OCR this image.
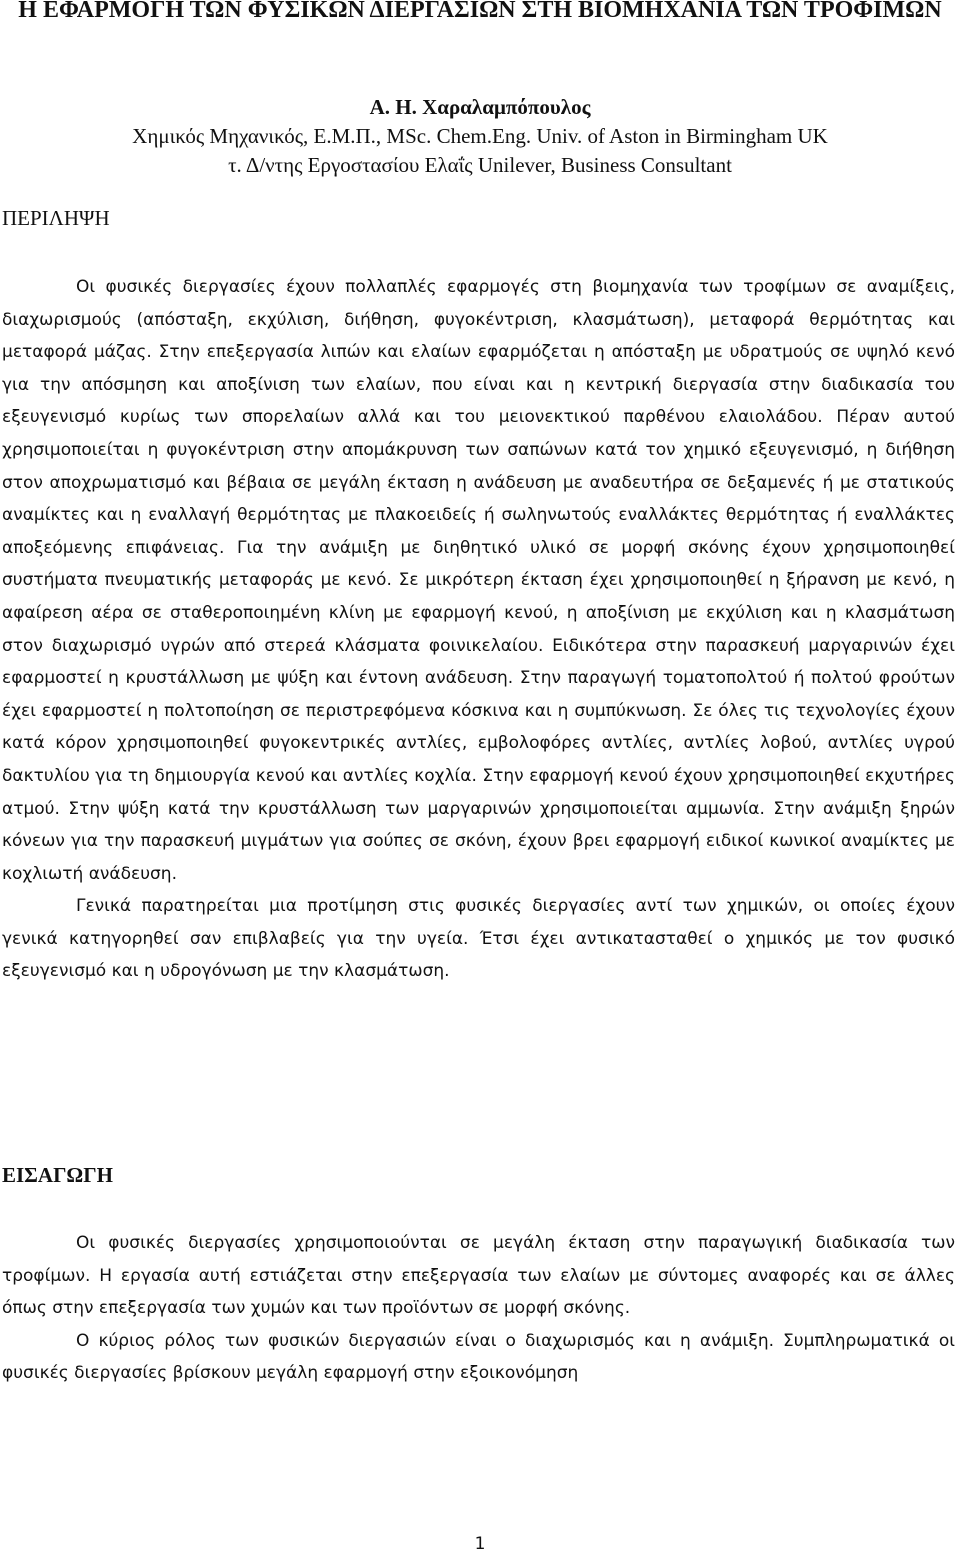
Η ΕΦΑΡΜΟΓΗ ΤΩΝ ΦΥΣΙΚΩΝ ΔΙΕΡΓΑΣΙΩΝ ΣΤΗ ΒΙΟΜΗΧΑΝΙΑ ΤΩΝ ΤΡΟΦΙΜΩΝ
Α. Η. Χαραλαμπόπουλος
Χημικός Μηχανικός, Ε.Μ.Π., MSc. Chem.Eng. Univ. of Aston in Birmingham UK
τ. Δ/ντης Εργοστασίου Ελαΐς Unilever, Business Consultant
ΠΕΡΙΛΗΨΗ

Οι φυσικές διεργασίες έχουν πολλαπλές εφαρμογές στη βιομηχανία των τροφίμων σε αναμίξεις, διαχωρισμούς (απόσταξη, εκχύλιση, διήθηση, φυγοκέντριση, κλασμάτωση), μεταφορά θερμότητας και μεταφορά μάζας. Στην επεξεργασία λιπών και ελαίων εφαρμόζεται η απόσταξη με υδρατμούς σε υψηλό κενό για την απόσμηση και αποξίνιση των ελαίων, που είναι και η κεντρική διεργασία στην διαδικασία του εξευγενισμό κυρίως των σπορελαίων αλλά και του μειονεκτικού παρθένου ελαιολάδου. Πέραν αυτού χρησιμοποιείται η φυγοκέντριση στην απομάκρυνση των σαπώνων κατά τον χημικό εξευγενισμό, η διήθηση στον αποχρωματισμό και βέβαια σε μεγάλη έκταση η ανάδευση με αναδευτήρα σε δεξαμενές ή με στατικούς αναμίκτες και η εναλλαγή θερμότητας με πλακοειδείς ή σωληνωτούς εναλλάκτες θερμότητας ή εναλλάκτες αποξεόμενης επιφάνειας. Για την ανάμιξη με διηθητικό υλικό σε μορφή σκόνης έχουν χρησιμοποιηθεί συστήματα πνευματικής μεταφοράς με κενό. Σε μικρότερη έκταση έχει χρησιμοποιηθεί η ξήρανση με κενό, η αφαίρεση αέρα σε σταθεροποιημένη κλίνη με εφαρμογή κενού, η αποξίνιση με εκχύλιση και η κλασμάτωση στον διαχωρισμό υγρών από στερεά κλάσματα φοινικελαίου. Ειδικότερα στην παρασκευή μαργαρινών έχει εφαρμοστεί η κρυστάλλωση με ψύξη και έντονη ανάδευση. Στην παραγωγή τοματοπολτού ή πολτού φρούτων έχει εφαρμοστεί η πολτοποίηση σε περιστρεφόμενα κόσκινα και η συμπύκνωση. Σε όλες τις τεχνολογίες έχουν κατά κόρον χρησιμοποιηθεί φυγοκεντρικές αντλίες, εμβολοφόρες αντλίες, αντλίες λοβού, αντλίες υγρού δακτυλίου για τη δημιουργία κενού και αντλίες κοχλία. Στην εφαρμογή κενού έχουν χρησιμοποιηθεί εκχυτήρες ατμού. Στην ψύξη κατά την κρυστάλλωση των μαργαρινών χρησιμοποιείται αμμωνία. Στην ανάμιξη ξηρών κόνεων για την παρασκευή μιγμάτων για σούπες σε σκόνη, έχουν βρει εφαρμογή ειδικοί κωνικοί αναμίκτες με κοχλιωτή ανάδευση.

Γενικά παρατηρείται μια προτίμηση στις φυσικές διεργασίες αντί των χημικών, οι οποίες έχουν γενικά κατηγορηθεί σαν επιβλαβείς για την υγεία. Έτσι έχει αντικατασταθεί ο χημικός με τον φυσικό εξευγενισμό και η υδρογόνωση με την κλασμάτωση.

ΕΙΣΑΓΩΓΗ

Οι φυσικές διεργασίες χρησιμοποιούνται σε μεγάλη έκταση στην παραγωγική διαδικασία των τροφίμων. Η εργασία αυτή εστιάζεται στην επεξεργασία των ελαίων με σύντομες αναφορές και σε άλλες όπως στην επεξεργασία των χυμών και των προϊόντων σε μορφή σκόνης.

Ο κύριος ρόλος των φυσικών διεργασιών είναι ο διαχωρισμός και η ανάμιξη. Συμπληρωματικά οι φυσικές διεργασίες βρίσκουν μεγάλη εφαρμογή στην εξοικονόμηση

1
